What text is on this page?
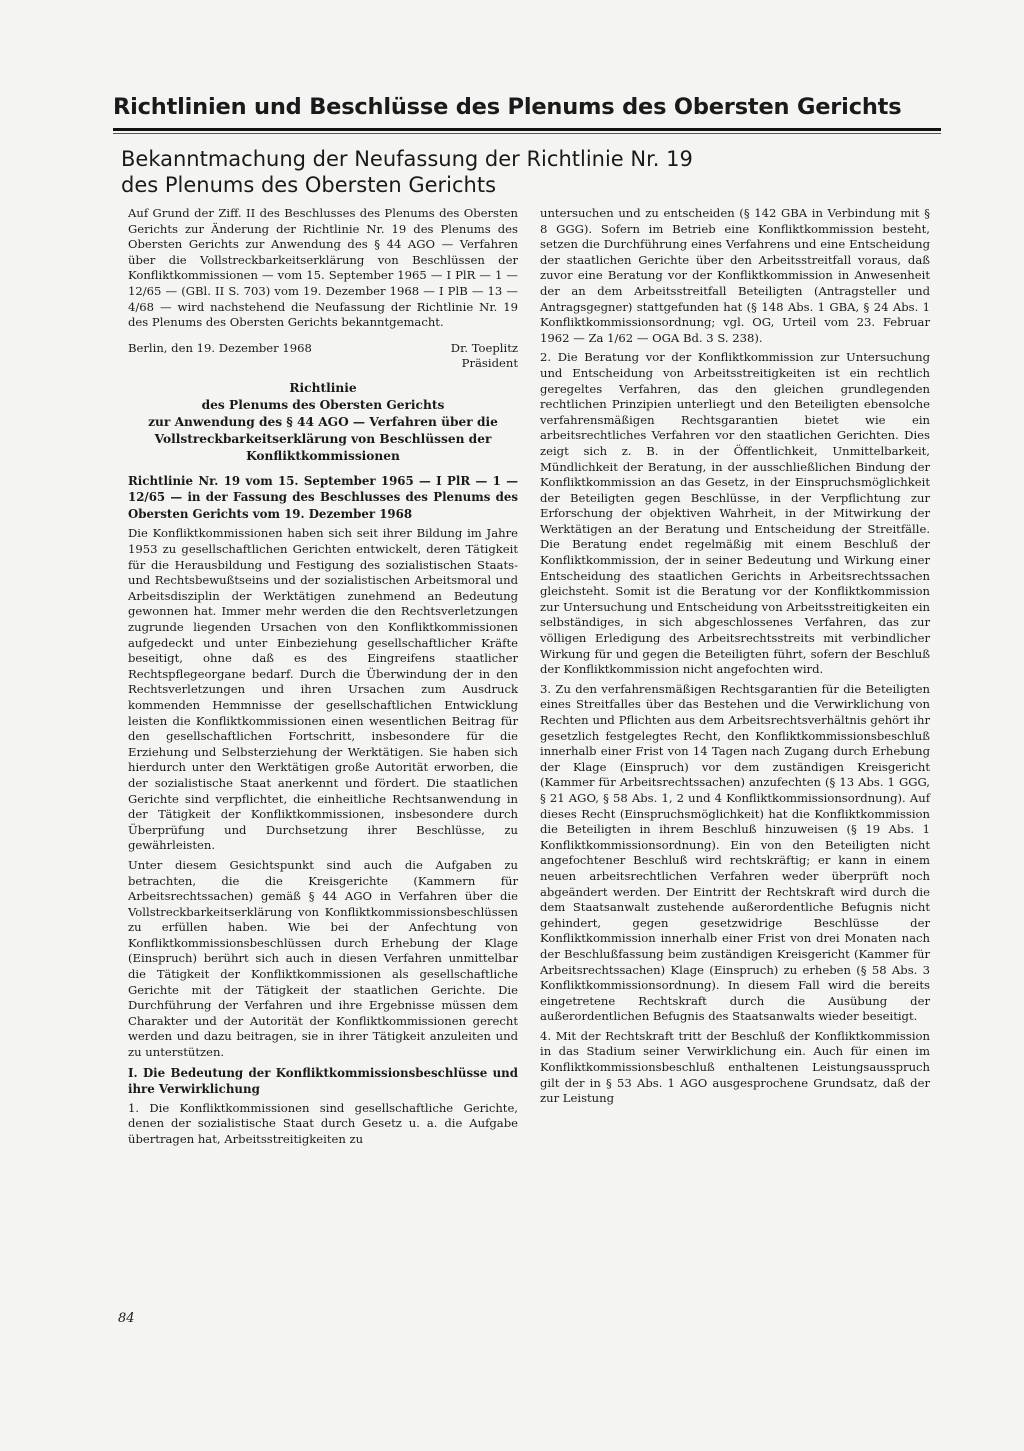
Richtlinien und Beschlüsse des Plenums des Obersten Gerichts
Bekanntmachung der Neufassung der Richtlinie Nr. 19
des Plenums des Obersten Gerichts

Auf Grund der Ziff. II des Beschlusses des Plenums des Obersten Gerichts zur Änderung der Richtlinie Nr. 19 des Plenums des Obersten Gerichts zur Anwendung des § 44 AGO — Verfahren über die Vollstreckbarkeitserklärung von Beschlüssen der Konfliktkommissionen — vom 15. September 1965 — I PlR — 1 — 12/65 — (GBl. II S. 703) vom 19. Dezember 1968 — I PlB — 13 — 4/68 — wird nachstehend die Neufassung der Richtlinie Nr. 19 des Plenums des Obersten Gerichts bekanntgemacht.

Berlin, den 19. Dezember 1968	Dr. Toeplitz
Präsident
Richtlinie
des Plenums des Obersten Gerichts
zur Anwendung des § 44 AGO — Verfahren über die Vollstreckbarkeitserklärung von Beschlüssen der Konfliktkommissionen

Richtlinie Nr. 19 vom 15. September 1965 — I PlR — 1 — 12/65 — in der Fassung des Beschlusses des Plenums des Obersten Gerichts vom 19. Dezember 1968

Die Konfliktkommissionen haben sich seit ihrer Bildung im Jahre 1953 zu gesellschaftlichen Gerichten entwickelt, deren Tätigkeit für die Herausbildung und Festigung des sozialistischen Staats- und Rechtsbewußtseins und der sozialistischen Arbeitsmoral und Arbeitsdisziplin der Werktätigen zunehmend an Bedeutung gewonnen hat. Immer mehr werden die den Rechtsverletzungen zugrunde liegenden Ursachen von den Konfliktkommissionen aufgedeckt und unter Einbeziehung gesellschaftlicher Kräfte beseitigt, ohne daß es des Eingreifens staatlicher Rechtspflegeorgane bedarf. Durch die Überwindung der in den Rechtsverletzungen und ihren Ursachen zum Ausdruck kommenden Hemmnisse der gesellschaftlichen Entwicklung leisten die Konfliktkommissionen einen wesentlichen Beitrag für den gesellschaftlichen Fortschritt, insbesondere für die Erziehung und Selbsterziehung der Werktätigen. Sie haben sich hierdurch unter den Werktätigen große Autorität erworben, die der sozialistische Staat anerkennt und fördert. Die staatlichen Gerichte sind verpflichtet, die einheitliche Rechtsanwendung in der Tätigkeit der Konfliktkommissionen, insbesondere durch Überprüfung und Durchsetzung ihrer Beschlüsse, zu gewährleisten.

Unter diesem Gesichtspunkt sind auch die Aufgaben zu betrachten, die die Kreisgerichte (Kammern für Arbeitsrechtssachen) gemäß § 44 AGO in Verfahren über die Vollstreckbarkeitserklärung von Konfliktkommissionsbeschlüssen zu erfüllen haben. Wie bei der Anfechtung von Konfliktkommissionsbeschlüssen durch Erhebung der Klage (Einspruch) berührt sich auch in diesen Verfahren unmittelbar die Tätigkeit der Konfliktkommissionen als gesellschaftliche Gerichte mit der Tätigkeit der staatlichen Gerichte. Die Durchführung der Verfahren und ihre Ergebnisse müssen dem Charakter und der Autorität der Konfliktkommissionen gerecht werden und dazu beitragen, sie in ihrer Tätigkeit anzuleiten und zu unterstützen.

I. Die Bedeutung der Konfliktkommissionsbeschlüsse und ihre Verwirklichung

1. Die Konfliktkommissionen sind gesellschaftliche Gerichte, denen der sozialistische Staat durch Gesetz u. a. die Aufgabe übertragen hat, Arbeitsstreitigkeiten zu

untersuchen und zu entscheiden (§ 142 GBA in Verbindung mit § 8 GGG). Sofern im Betrieb eine Konfliktkommission besteht, setzen die Durchführung eines Verfahrens und eine Entscheidung der staatlichen Gerichte über den Arbeitsstreitfall voraus, daß zuvor eine Beratung vor der Konfliktkommission in Anwesenheit der an dem Arbeitsstreitfall Beteiligten (Antragsteller und Antragsgegner) stattgefunden hat (§ 148 Abs. 1 GBA, § 24 Abs. 1 Konfliktkommissionsordnung; vgl. OG, Urteil vom 23. Februar 1962 — Za 1/62 — OGA Bd. 3 S. 238).

2. Die Beratung vor der Konfliktkommission zur Untersuchung und Entscheidung von Arbeitsstreitigkeiten ist ein rechtlich geregeltes Verfahren, das den gleichen grundlegenden rechtlichen Prinzipien unterliegt und den Beteiligten ebensolche verfahrensmäßigen Rechtsgarantien bietet wie ein arbeitsrechtliches Verfahren vor den staatlichen Gerichten. Dies zeigt sich z. B. in der Öffentlichkeit, Unmittelbarkeit, Mündlichkeit der Beratung, in der ausschließlichen Bindung der Konfliktkommission an das Gesetz, in der Einspruchsmöglichkeit der Beteiligten gegen Beschlüsse, in der Verpflichtung zur Erforschung der objektiven Wahrheit, in der Mitwirkung der Werktätigen an der Beratung und Entscheidung der Streitfälle. Die Beratung endet regelmäßig mit einem Beschluß der Konfliktkommission, der in seiner Bedeutung und Wirkung einer Entscheidung des staatlichen Gerichts in Arbeitsrechtssachen gleichsteht. Somit ist die Beratung vor der Konfliktkommission zur Untersuchung und Entscheidung von Arbeitsstreitigkeiten ein selbständiges, in sich abgeschlossenes Verfahren, das zur völligen Erledigung des Arbeitsrechtsstreits mit verbindlicher Wirkung für und gegen die Beteiligten führt, sofern der Beschluß der Konfliktkommission nicht angefochten wird.

3. Zu den verfahrensmäßigen Rechtsgarantien für die Beteiligten eines Streitfalles über das Bestehen und die Verwirklichung von Rechten und Pflichten aus dem Arbeitsrechtsverhältnis gehört ihr gesetzlich festgelegtes Recht, den Konfliktkommissionsbeschluß innerhalb einer Frist von 14 Tagen nach Zugang durch Erhebung der Klage (Einspruch) vor dem zuständigen Kreisgericht (Kammer für Arbeitsrechtssachen) anzufechten (§ 13 Abs. 1 GGG, § 21 AGO, § 58 Abs. 1, 2 und 4 Konfliktkommissionsordnung). Auf dieses Recht (Einspruchsmöglichkeit) hat die Konfliktkommission die Beteiligten in ihrem Beschluß hinzuweisen (§ 19 Abs. 1 Konfliktkommissionsordnung). Ein von den Beteiligten nicht angefochtener Beschluß wird rechtskräftig; er kann in einem neuen arbeitsrechtlichen Verfahren weder überprüft noch abgeändert werden. Der Eintritt der Rechtskraft wird durch die dem Staatsanwalt zustehende außerordentliche Befugnis nicht gehindert, gegen gesetzwidrige Beschlüsse der Konfliktkommission innerhalb einer Frist von drei Monaten nach der Beschlußfassung beim zuständigen Kreisgericht (Kammer für Arbeitsrechtssachen) Klage (Einspruch) zu erheben (§ 58 Abs. 3 Konfliktkommissionsordnung). In diesem Fall wird die bereits eingetretene Rechtskraft durch die Ausübung der außerordentlichen Befugnis des Staatsanwalts wieder beseitigt.

4. Mit der Rechtskraft tritt der Beschluß der Konfliktkommission in das Stadium seiner Verwirklichung ein. Auch für einen im Konfliktkommissionsbeschluß enthaltenen Leistungsausspruch gilt der in § 53 Abs. 1 AGO ausgesprochene Grundsatz, daß der zur Leistung

84
